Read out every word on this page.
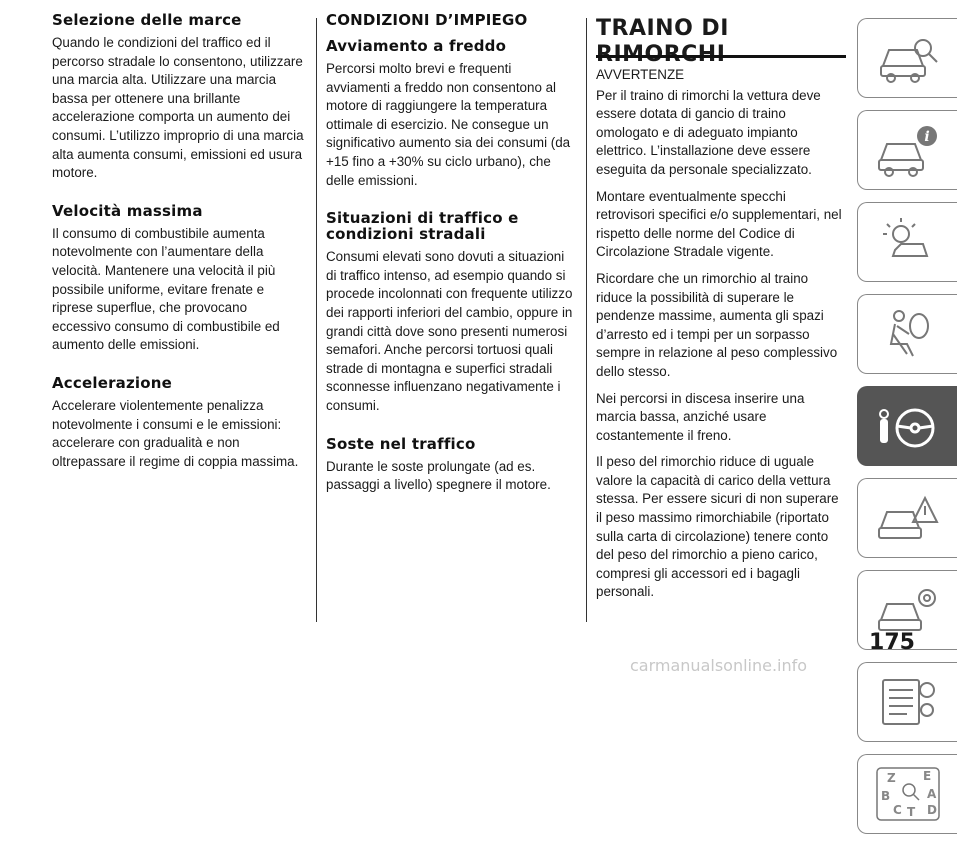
Selezione delle marce

Quando le condizioni del traffico ed il percorso stradale lo consentono, utilizzare una marcia alta. Utilizzare una marcia bassa per ottenere una brillante accelerazione comporta un aumento dei consumi. L’utilizzo improprio di una marcia alta aumenta consumi, emissioni ed usura motore.

Velocità massima

Il consumo di combustibile aumenta notevolmente con l’aumentare della velocità. Mantenere una velocità il più possibile uniforme, evitare frenate e riprese superflue, che provocano eccessivo consumo di combustibile ed aumento delle emissioni.

Accelerazione

Accelerare violentemente penalizza notevolmente i consumi e le emissioni: accelerare con gradualità e non oltrepassare il regime di coppia massima.

CONDIZIONI D’IMPIEGO
Avviamento a freddo

Percorsi molto brevi e frequenti avviamenti a freddo non consentono al motore di raggiungere la temperatura ottimale di esercizio. Ne consegue un significativo aumento sia dei consumi (da +15 fino a +30% su ciclo urbano), che delle emissioni.

Situazioni di traffico e condizioni stradali

Consumi elevati sono dovuti a situazioni di traffico intenso, ad esempio quando si procede incolonnati con frequente utilizzo dei rapporti inferiori del cambio, oppure in grandi città dove sono presenti numerosi semafori. Anche percorsi tortuosi quali strade di montagna e superfici stradali sconnesse influenzano negativamente i consumi.

Soste nel traffico

Durante le soste prolungate (ad es. passaggi a livello) spegnere il motore.

TRAINO DI

AVVERTENZE

Per il traino di rimorchi la vettura deve essere dotata di gancio di traino omologato e di adeguato impianto elettrico. L’installazione deve essere eseguita da personale specializzato.

Montare eventualmente specchi retrovisori specifici e/o supplementari, nel rispetto delle norme del Codice di Circolazione Stradale vigente.

Ricordare che un rimorchio al traino riduce la possibilità di superare le pendenze massime, aumenta gli spazi d’arresto ed i tempi per un sorpasso sempre in relazione al peso complessivo dello stesso.

Nei percorsi in discesa inserire una marcia bassa, anziché usare costantemente il freno.

Il peso del rimorchio riduce di uguale valore la capacità di carico della vettura stessa. Per essere sicuri di non superare il peso massimo rimorchiabile (riportato sulla carta di circolazione) tenere conto del peso del rimorchio a pieno carico, compresi gli accessori ed i bagagli personali.

i
Z E
B	A
C T D
175
carmanualsonline.info
